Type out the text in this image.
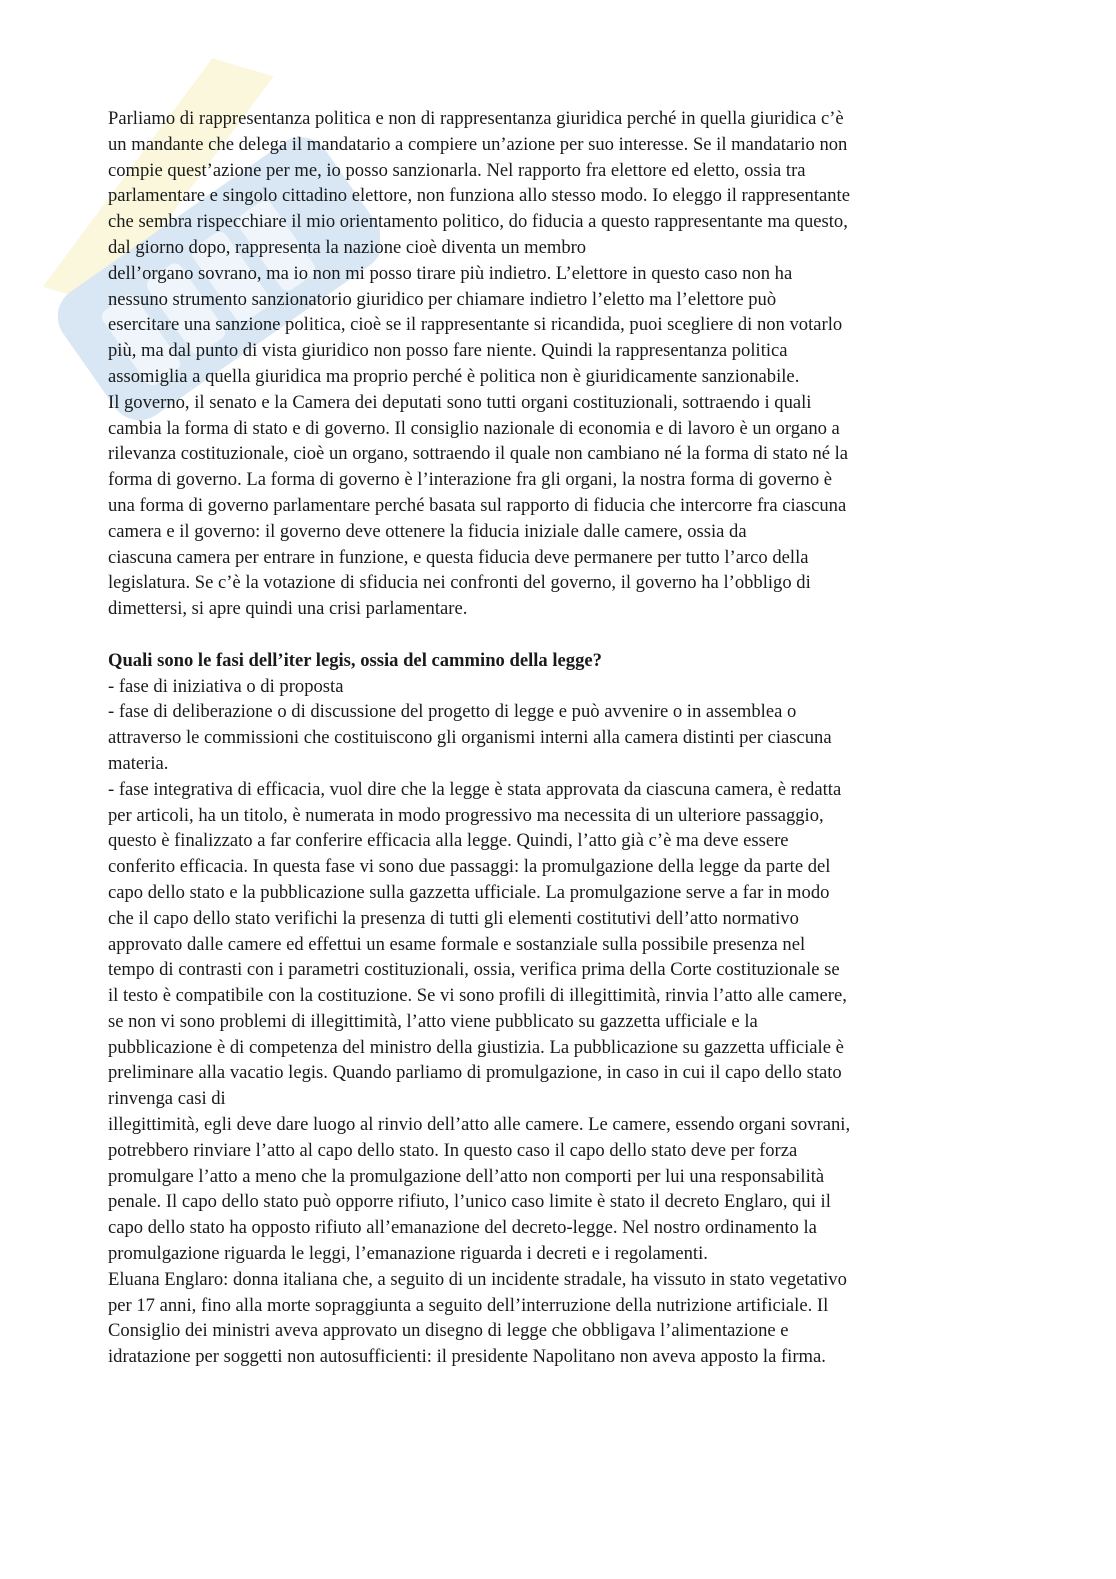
Parliamo di rappresentanza politica e non di rappresentanza giuridica perché in quella giuridica c’è
un mandante che delega il mandatario a compiere un’azione per suo interesse. Se il mandatario non
compie quest’azione per me, io posso sanzionarla. Nel rapporto fra elettore ed eletto, ossia tra
parlamentare e singolo cittadino elettore, non funziona allo stesso modo. Io eleggo il rappresentante
che sembra rispecchiare il mio orientamento politico, do fiducia a questo rappresentante ma questo,
dal giorno dopo, rappresenta la nazione cioè diventa un membro
dell’organo sovrano, ma io non mi posso tirare più indietro. L’elettore in questo caso non ha
nessuno strumento sanzionatorio giuridico per chiamare indietro l’eletto ma l’elettore può
esercitare una sanzione politica, cioè se il rappresentante si ricandida, puoi scegliere di non votarlo
più, ma dal punto di vista giuridico non posso fare niente. Quindi la rappresentanza politica
assomiglia a quella giuridica ma proprio perché è politica non è giuridicamente sanzionabile.
Il governo, il senato e la Camera dei deputati sono tutti organi costituzionali, sottraendo i quali
cambia la forma di stato e di governo. Il consiglio nazionale di economia e di lavoro è un organo a
rilevanza costituzionale, cioè un organo, sottraendo il quale non cambiano né la forma di stato né la
forma di governo. La forma di governo è l’interazione fra gli organi, la nostra forma di governo è
una forma di governo parlamentare perché basata sul rapporto di fiducia che intercorre fra ciascuna
camera e il governo: il governo deve ottenere la fiducia iniziale dalle camere, ossia da
ciascuna camera per entrare in funzione, e questa fiducia deve permanere per tutto l’arco della
legislatura. Se c’è la votazione di sfiducia nei confronti del governo, il governo ha l’obbligo di
dimettersi, si apre quindi una crisi parlamentare.
Quali sono le fasi dell’iter legis, ossia del cammino della legge?
- fase di iniziativa o di proposta
- fase di deliberazione o di discussione del progetto di legge e può avvenire o in assemblea o
attraverso le commissioni che costituiscono gli organismi interni alla camera distinti per ciascuna
materia.
- fase integrativa di efficacia, vuol dire che la legge è stata approvata da ciascuna camera, è redatta
per articoli, ha un titolo, è numerata in modo progressivo ma necessita di un ulteriore passaggio,
questo è finalizzato a far conferire efficacia alla legge. Quindi, l’atto già c’è ma deve essere
conferito efficacia. In questa fase vi sono due passaggi: la promulgazione della legge da parte del
capo dello stato e la pubblicazione sulla gazzetta ufficiale. La promulgazione serve a far in modo
che il capo dello stato verifichi la presenza di tutti gli elementi costitutivi dell’atto normativo
approvato dalle camere ed effettui un esame formale e sostanziale sulla possibile presenza nel
tempo di contrasti con i parametri costituzionali, ossia, verifica prima della Corte costituzionale se
il testo è compatibile con la costituzione. Se vi sono profili di illegittimità, rinvia l’atto alle camere,
se non vi sono problemi di illegittimità, l’atto viene pubblicato su gazzetta ufficiale e la
pubblicazione è di competenza del ministro della giustizia. La pubblicazione su gazzetta ufficiale è
preliminare alla vacatio legis. Quando parliamo di promulgazione, in caso in cui il capo dello stato
rinvenga casi di
illegittimità, egli deve dare luogo al rinvio dell’atto alle camere. Le camere, essendo organi sovrani,
potrebbero rinviare l’atto al capo dello stato. In questo caso il capo dello stato deve per forza
promulgare l’atto a meno che la promulgazione dell’atto non comporti per lui una responsabilità
penale. Il capo dello stato può opporre rifiuto, l’unico caso limite è stato il decreto Englaro, qui il
capo dello stato ha opposto rifiuto all’emanazione del decreto-legge. Nel nostro ordinamento la
promulgazione riguarda le leggi, l’emanazione riguarda i decreti e i regolamenti.
Eluana Englaro: donna italiana che, a seguito di un incidente stradale, ha vissuto in stato vegetativo
per 17 anni, fino alla morte sopraggiunta a seguito dell’interruzione della nutrizione artificiale. Il
Consiglio dei ministri aveva approvato un disegno di legge che obbligava l’alimentazione e
idratazione per soggetti non autosufficienti: il presidente Napolitano non aveva apposto la firma.
